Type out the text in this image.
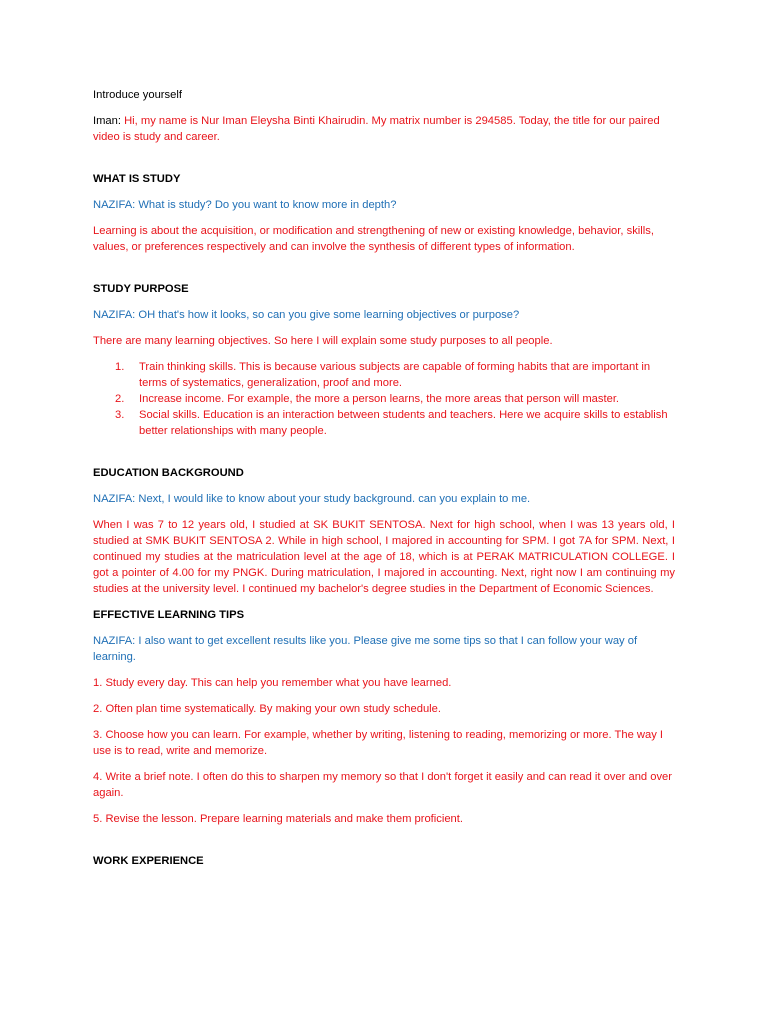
Introduce yourself

Iman: Hi, my name is Nur Iman Eleysha Binti Khairudin. My matrix number is 294585. Today, the title for our paired video is study and career.

WHAT IS STUDY

NAZIFA: What is study? Do you want to know more in depth?

Learning is about the acquisition, or modification and strengthening of new or existing knowledge, behavior, skills, values, or preferences respectively and can involve the synthesis of different types of information.

STUDY PURPOSE

NAZIFA: OH that's how it looks, so can you give some learning objectives or purpose?

There are many learning objectives. So here I will explain some study purposes to all people.

1. Train thinking skills. This is because various subjects are capable of forming habits that are important in terms of systematics, generalization, proof and more.
2. Increase income. For example, the more a person learns, the more areas that person will master.
3. Social skills. Education is an interaction between students and teachers. Here we acquire skills to establish better relationships with many people.

EDUCATION BACKGROUND

NAZIFA: Next, I would like to know about your study background. can you explain to me.

When I was 7 to 12 years old, I studied at SK BUKIT SENTOSA. Next for high school, when I was 13 years old, I studied at SMK BUKIT SENTOSA 2. While in high school, I majored in accounting for SPM. I got 7A for SPM. Next, I continued my studies at the matriculation level at the age of 18, which is at PERAK MATRICULATION COLLEGE. I got a pointer of 4.00 for my PNGK. During matriculation, I majored in accounting. Next, right now I am continuing my studies at the university level. I continued my bachelor's degree studies in the Department of Economic Sciences.

EFFECTIVE LEARNING TIPS

NAZIFA: I also want to get excellent results like you. Please give me some tips so that I can follow your way of learning.

1. Study every day. This can help you remember what you have learned.

2. Often plan time systematically. By making your own study schedule.

3. Choose how you can learn. For example, whether by writing, listening to reading, memorizing or more. The way I use is to read, write and memorize.

4. Write a brief note. I often do this to sharpen my memory so that I don't forget it easily and can read it over and over again.

5. Revise the lesson. Prepare learning materials and make them proficient.

WORK EXPERIENCE
